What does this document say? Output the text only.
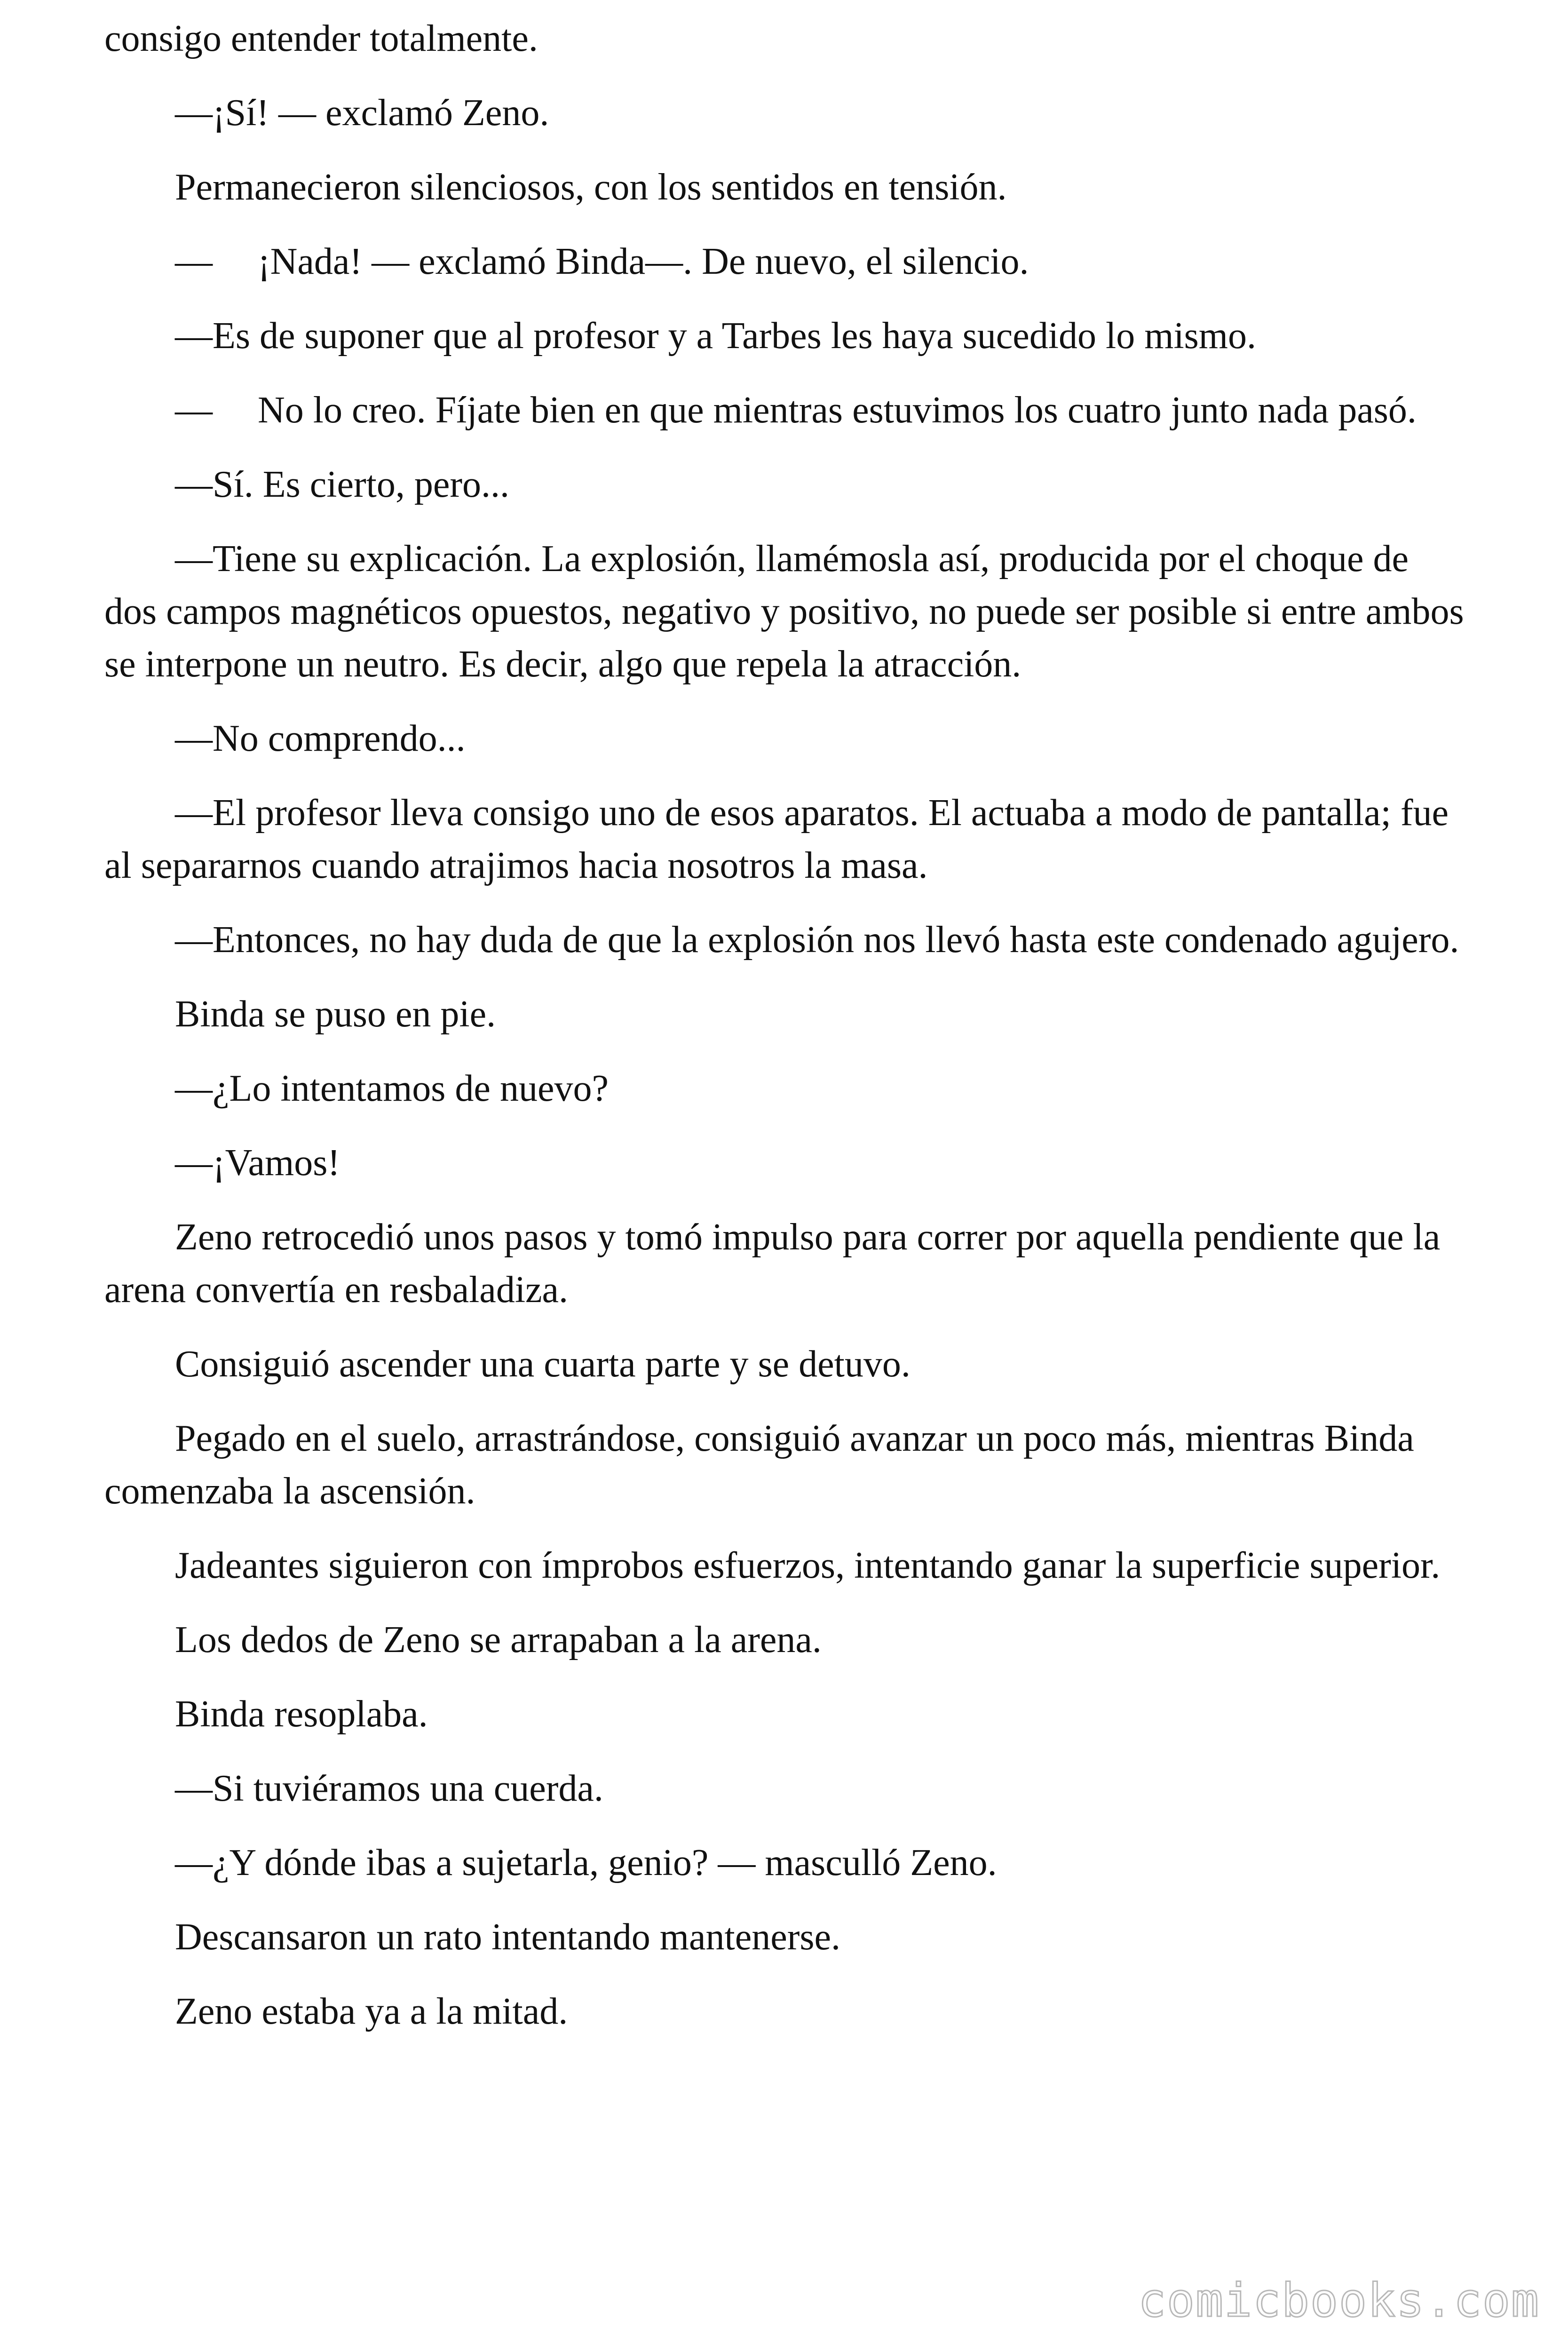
consigo entender totalmente.

—¡Sí! — exclamó Zeno.

Permanecieron silenciosos, con los sentidos en tensión.

— ¡Nada! — exclamó Binda—. De nuevo, el silencio.

—Es de suponer que al profesor y a Tarbes les haya sucedido lo mismo.

— No lo creo. Fíjate bien en que mientras estuvimos los cuatro junto nada pasó.

—Sí. Es cierto, pero...

—Tiene su explicación. La explosión, llamémosla así, producida por el choque de dos campos magnéticos opuestos, negativo y positivo, no puede ser posible si entre ambos se interpone un neutro. Es decir, algo que repela la atracción.

—No comprendo...

—El profesor lleva consigo uno de esos aparatos. El actuaba a modo de pantalla; fue al separarnos cuando atrajimos hacia nosotros la masa.

—Entonces, no hay duda de que la explosión nos llevó hasta este condenado agujero.

Binda se puso en pie.

—¿Lo intentamos de nuevo?

—¡Vamos!

Zeno retrocedió unos pasos y tomó impulso para correr por aquella pendiente que la arena convertía en resbaladiza.

Consiguió ascender una cuarta parte y se detuvo.

Pegado en el suelo, arrastrándose, consiguió avanzar un poco más, mientras Binda comenzaba la ascensión.

Jadeantes siguieron con ímprobos esfuerzos, intentando ganar la superficie superior.

Los dedos de Zeno se arrapaban a la arena.

Binda resoplaba.

—Si tuviéramos una cuerda.

—¿Y dónde ibas a sujetarla, genio? — masculló Zeno.

Descansaron un rato intentando mantenerse.

Zeno estaba ya a la mitad.

comicbooks.com
